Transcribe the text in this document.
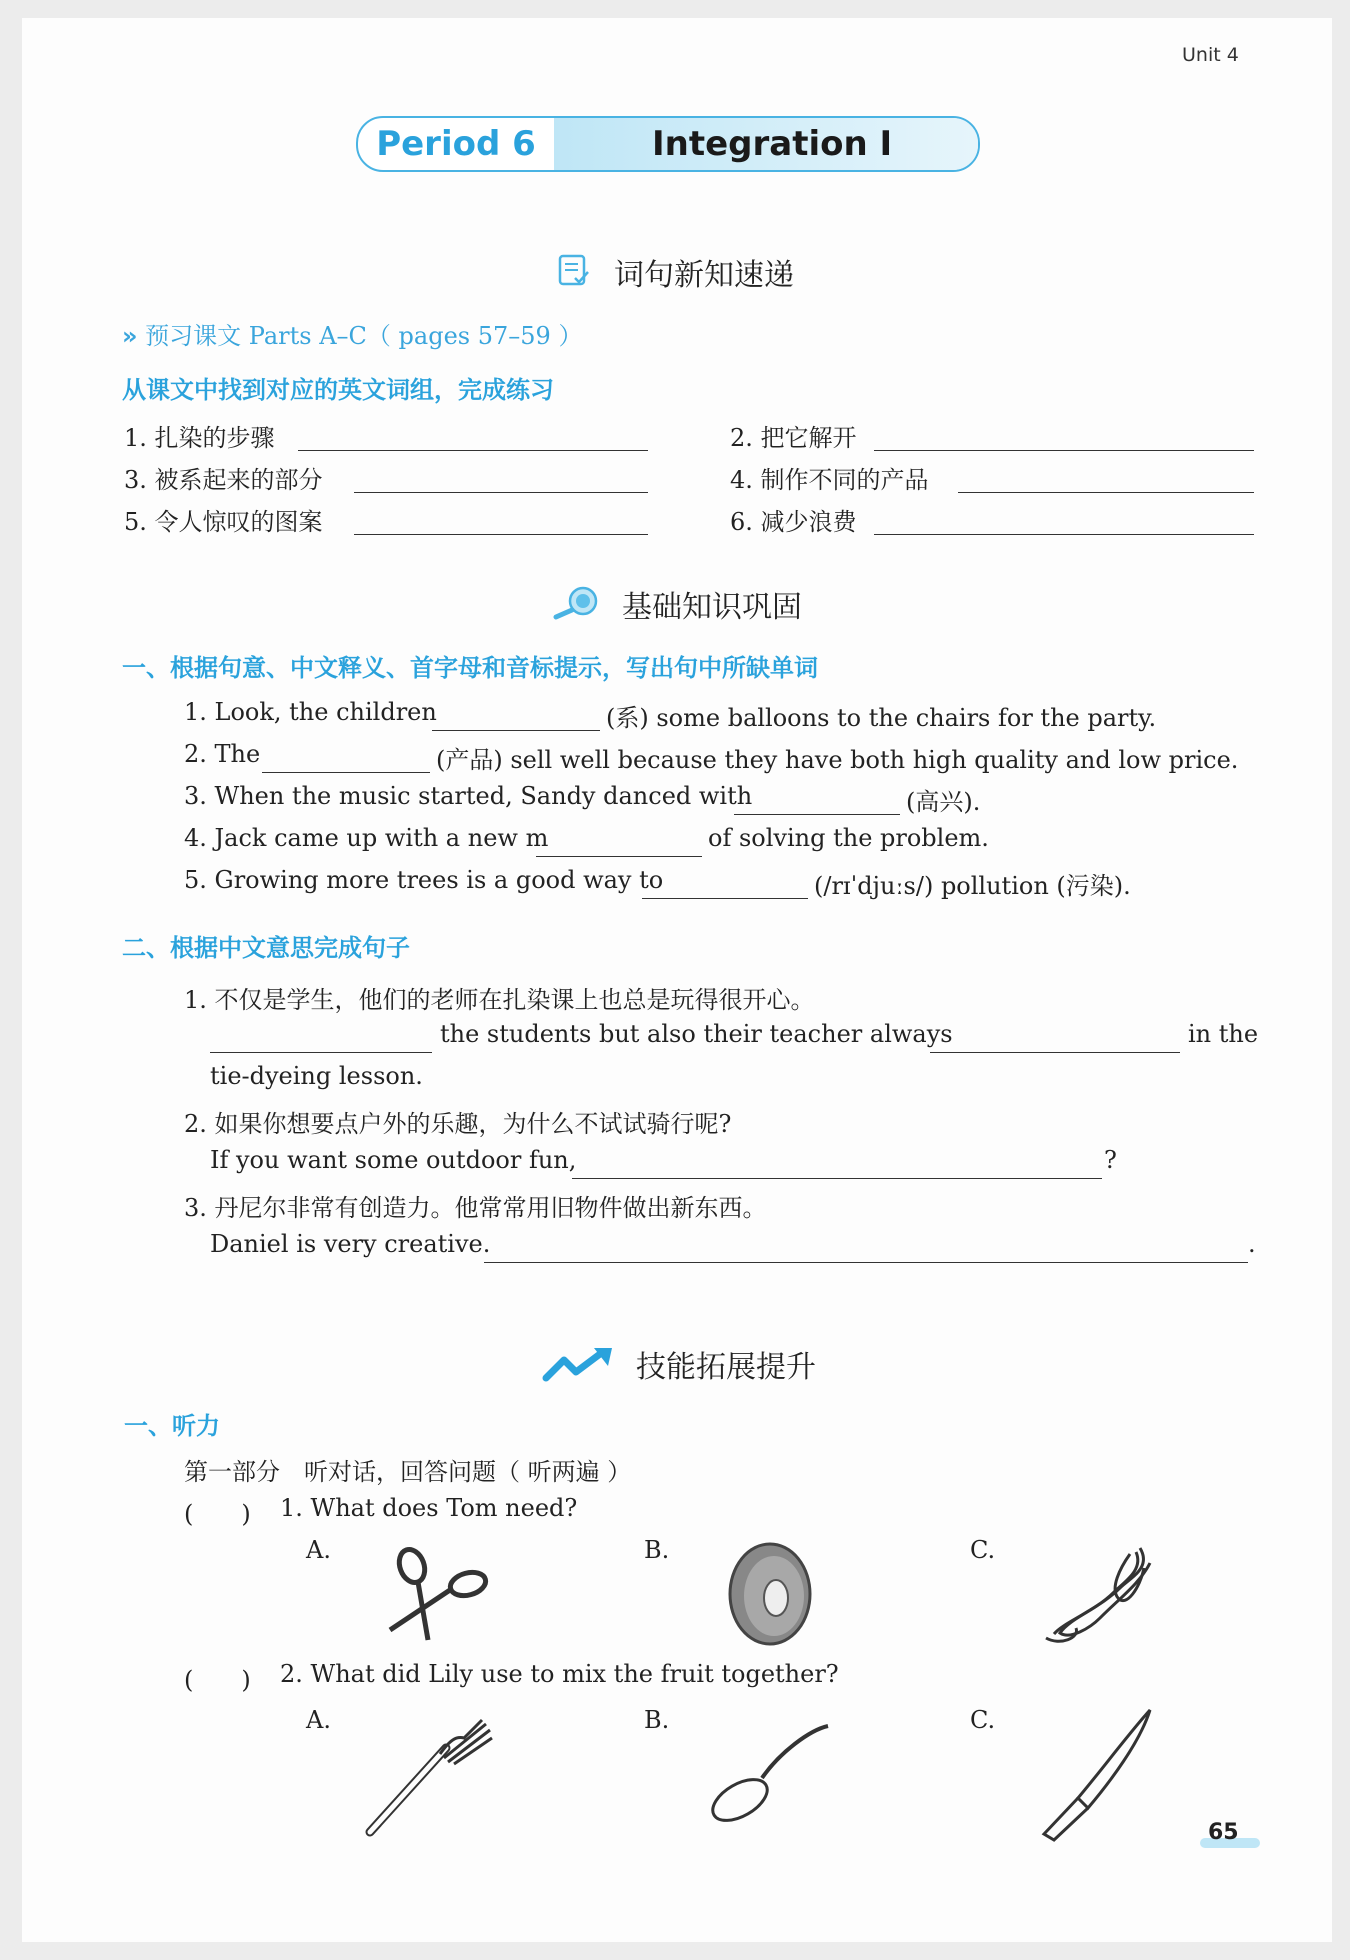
Unit 4
Period 6	Integration I
词句新知速递
» 预习课文 Parts A–C（ pages 57–59 ）
从课文中找到对应的英文词组，完成练习
1. 扎染的步骤	2. 把它解开
3. 被系起来的部分	4. 制作不同的产品
5. 令人惊叹的图案	6. 减少浪费
基础知识巩固
一、根据句意、中文释义、首字母和音标提示，写出句中所缺单词
1. Look, the children	(系) some balloons to the chairs for the party.
2. The	(产品) sell well because they have both high quality and low price.
3. When the music started, Sandy danced with	(高兴).
4. Jack came up with a new m	of solving the problem.
5. Growing more trees is a good way to	(/rɪˈdjuːs/) pollution (污染).
二、根据中文意思完成句子
1. 不仅是学生，他们的老师在扎染课上也总是玩得很开心。
the students but also their teacher always	in the
tie-dyeing lesson.
2. 如果你想要点户外的乐趣，为什么不试试骑行呢?
If you want some outdoor fun,	?
3. 丹尼尔非常有创造力。他常常用旧物件做出新东西。
Daniel is very creative.	.
技能拓展提升
一、听力
第一部分　听对话，回答问题（ 听两遍 ）
(　　) 1. What does Tom need?
A.	B.	C.
(　　) 2. What did Lily use to mix the fruit together?
A.	B.	C.
65
